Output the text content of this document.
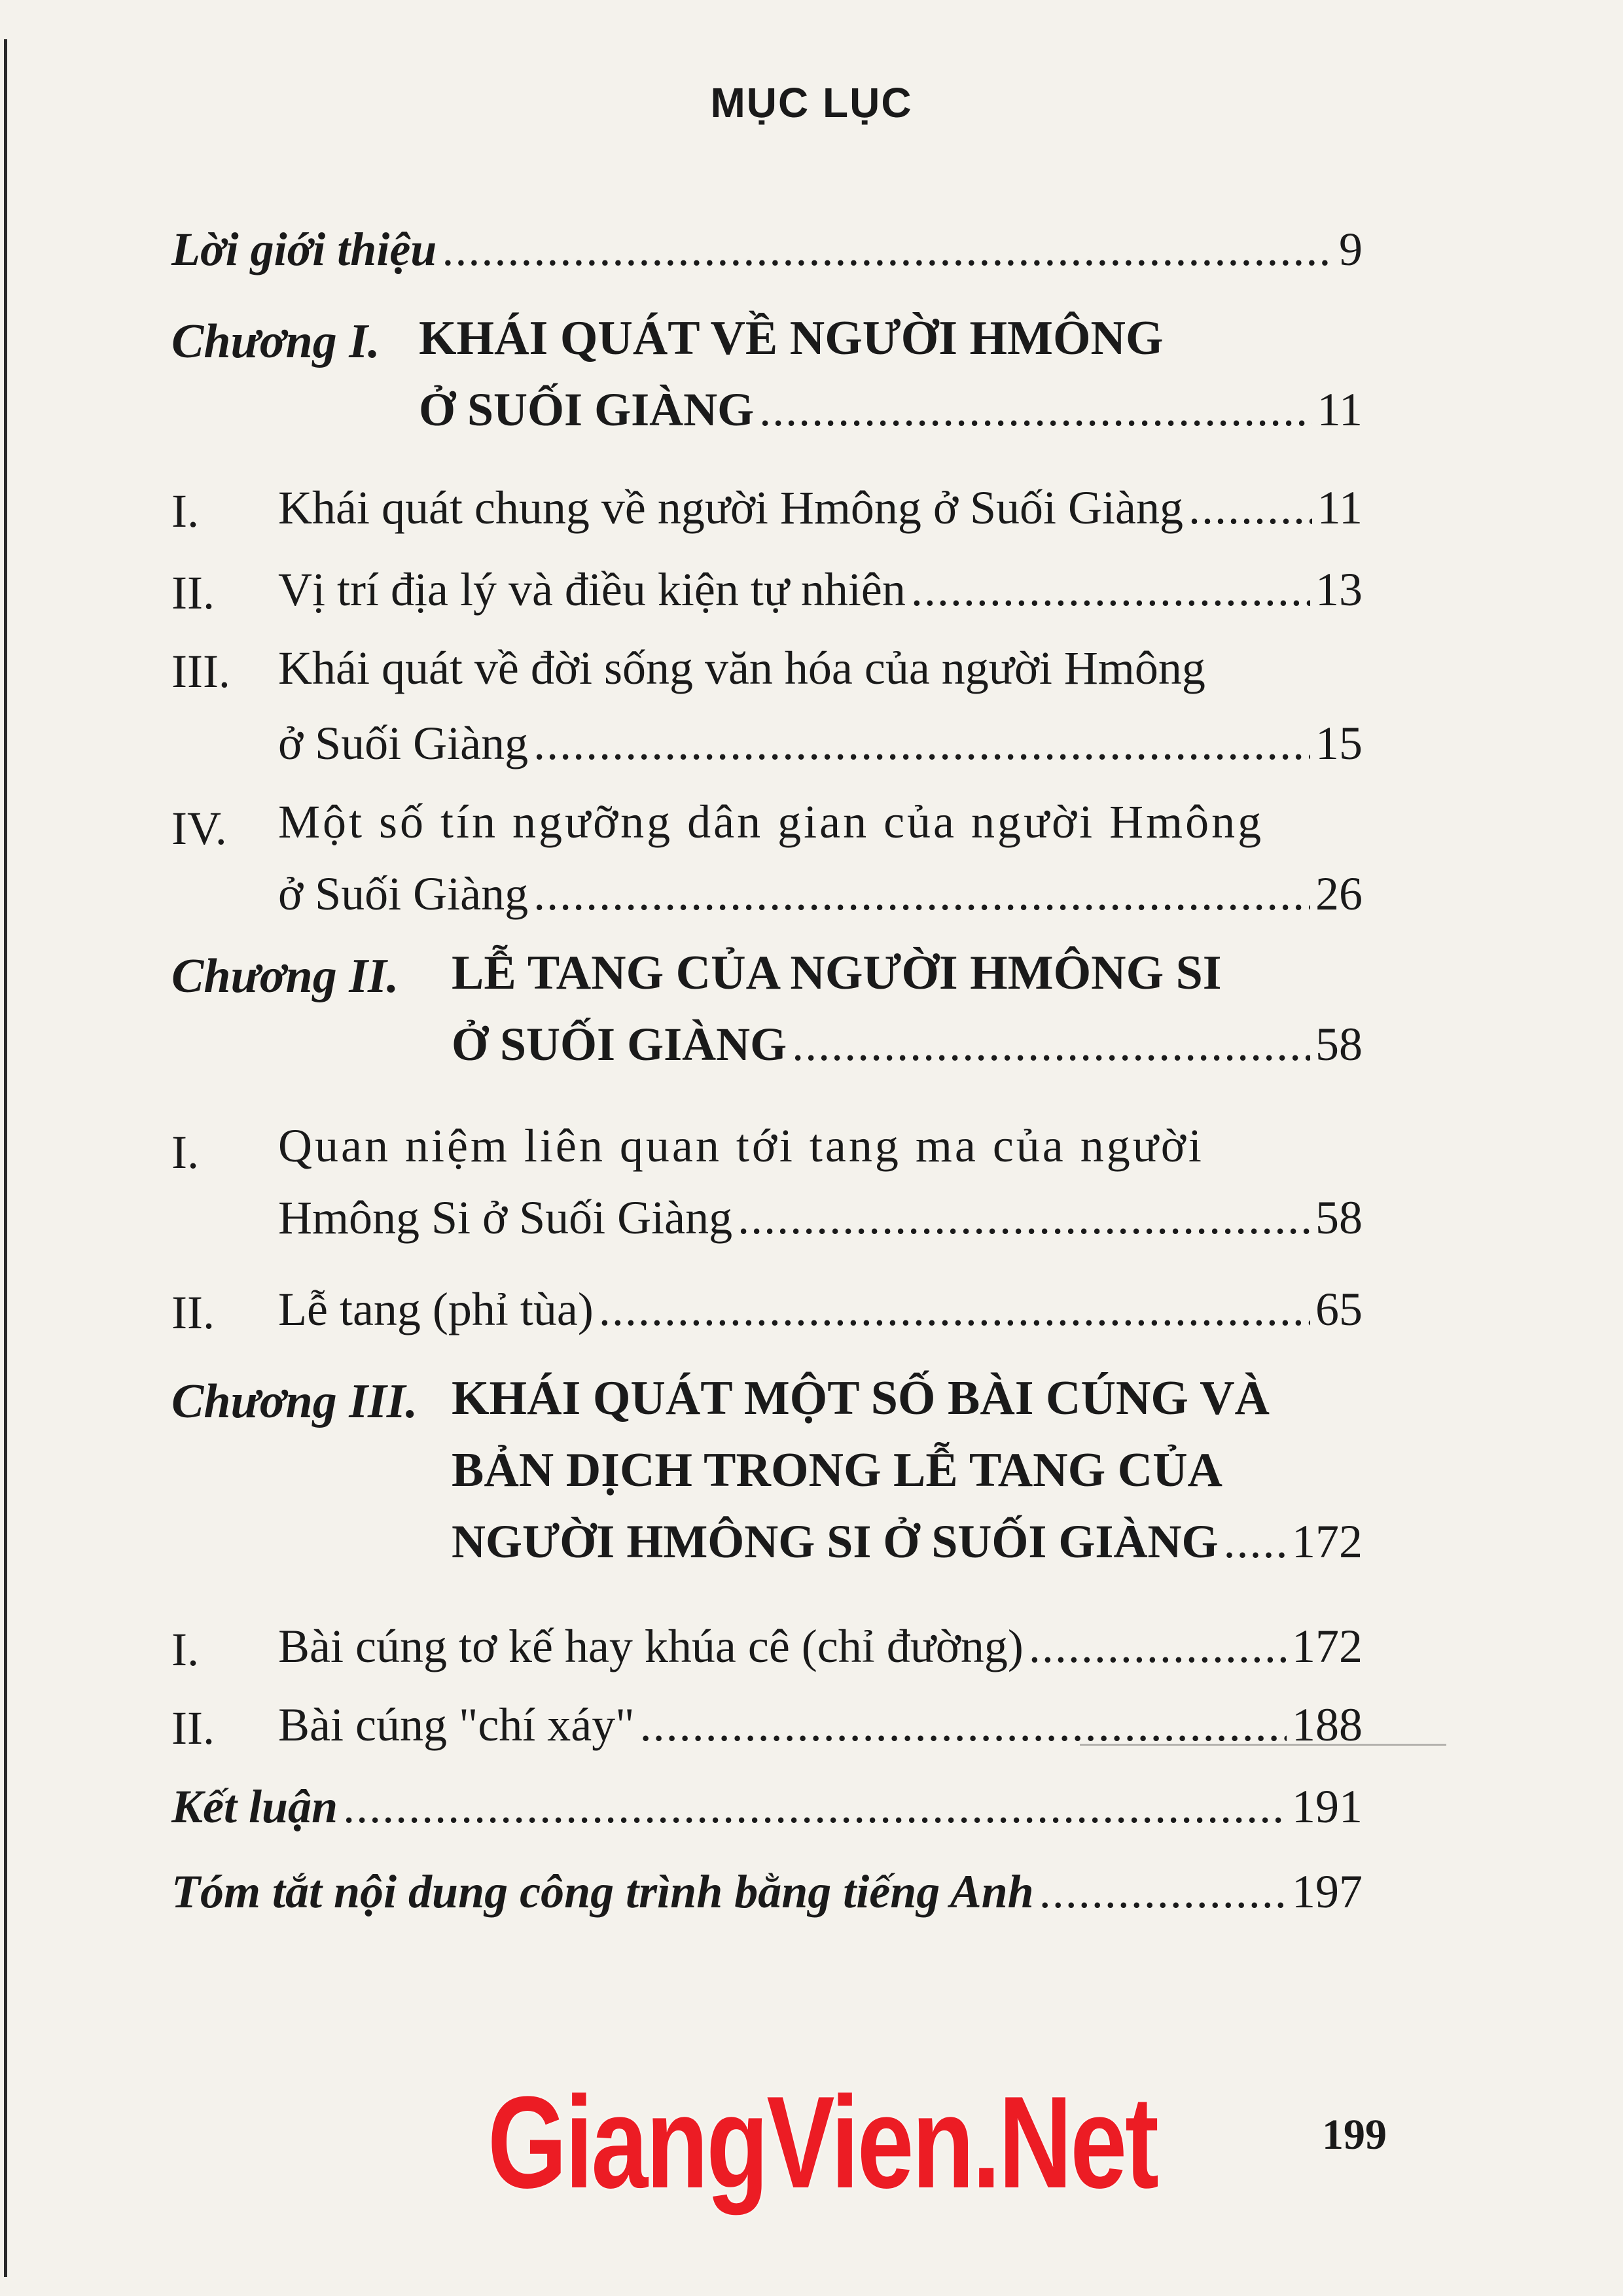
MỤC LỤC
Lời giới thiệu .....	9
Chương I. KHÁI QUÁT VỀ NGƯỜI HMÔNG
Ở SUỐI GIÀNG .....	11
I. Khái quát chung về người Hmông ở Suối Giàng .....	11
II. Vị trí địa lý và điều kiện tự nhiên .....	13
III. Khái quát về đời sống văn hóa của người Hmông
ở Suối Giàng .....	15
IV. Một số tín ngưỡng dân gian của người Hmông
ở Suối Giàng .....	26
Chương II. LỄ TANG CỦA NGƯỜI HMÔNG SI
Ở SUỐI GIÀNG .....	58
I. Quan niệm liên quan tới tang ma của người
Hmông Si ở Suối Giàng .....	58
II. Lễ tang (phỉ tùa) .....	65
Chương III. KHÁI QUÁT MỘT SỐ BÀI CÚNG VÀ
BẢN DỊCH TRONG LỄ TANG CỦA
NGƯỜI HMÔNG SI Ở SUỐI GIÀNG ..... 172
I. Bài cúng tơ kế hay khúa cê (chỉ đường) .....	172
II. Bài cúng "chí xáy" .....	188
Kết luận .....	191
Tóm tắt nội dung công trình bằng tiếng Anh .....	197
GiangVien.Net	199
